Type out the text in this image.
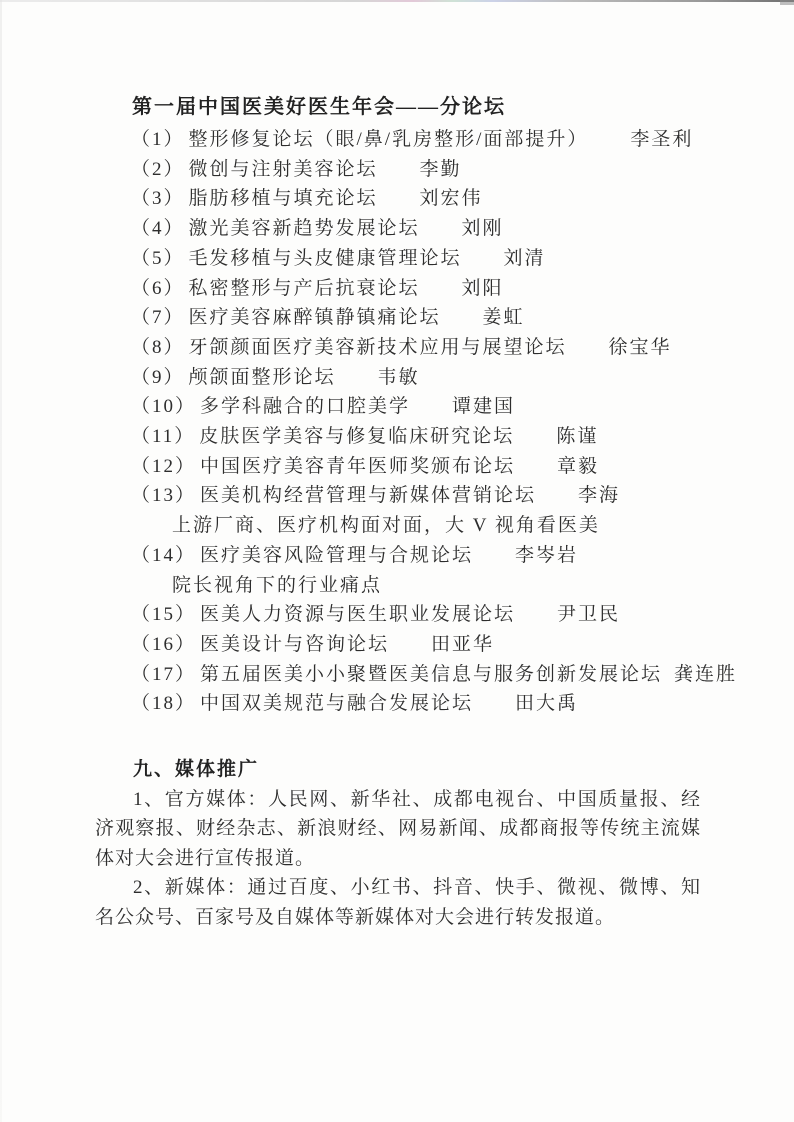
第一届中国医美好医生年会——分论坛
（1） 整形修复论坛（眼/鼻/乳房整形/面部提升） 李圣利
（2） 微创与注射美容论坛 李勤
（3） 脂肪移植与填充论坛 刘宏伟
（4） 激光美容新趋势发展论坛 刘刚
（5） 毛发移植与头皮健康管理论坛 刘清
（6） 私密整形与产后抗衰论坛 刘阳
（7） 医疗美容麻醉镇静镇痛论坛 姜虹
（8） 牙颌颜面医疗美容新技术应用与展望论坛 徐宝华
（9） 颅颌面整形论坛 韦敏
（10） 多学科融合的口腔美学 谭建国
（11） 皮肤医学美容与修复临床研究论坛 陈谨
（12） 中国医疗美容青年医师奖颁布论坛 章毅
（13） 医美机构经营管理与新媒体营销论坛 李海
上游厂商、医疗机构面对面，大 V 视角看医美
（14） 医疗美容风险管理与合规论坛 李岑岩
院长视角下的行业痛点
（15） 医美人力资源与医生职业发展论坛 尹卫民
（16） 医美设计与咨询论坛 田亚华
（17） 第五届医美小小聚暨医美信息与服务创新发展论坛 龚连胜
（18） 中国双美规范与融合发展论坛 田大禹
九、媒体推广

1、官方媒体：人民网、新华社、成都电视台、中国质量报、经济观察报、财经杂志、新浪财经、网易新闻、成都商报等传统主流媒体对大会进行宣传报道。

2、新媒体：通过百度、小红书、抖音、快手、微视、微博、知名公众号、百家号及自媒体等新媒体对大会进行转发报道。
